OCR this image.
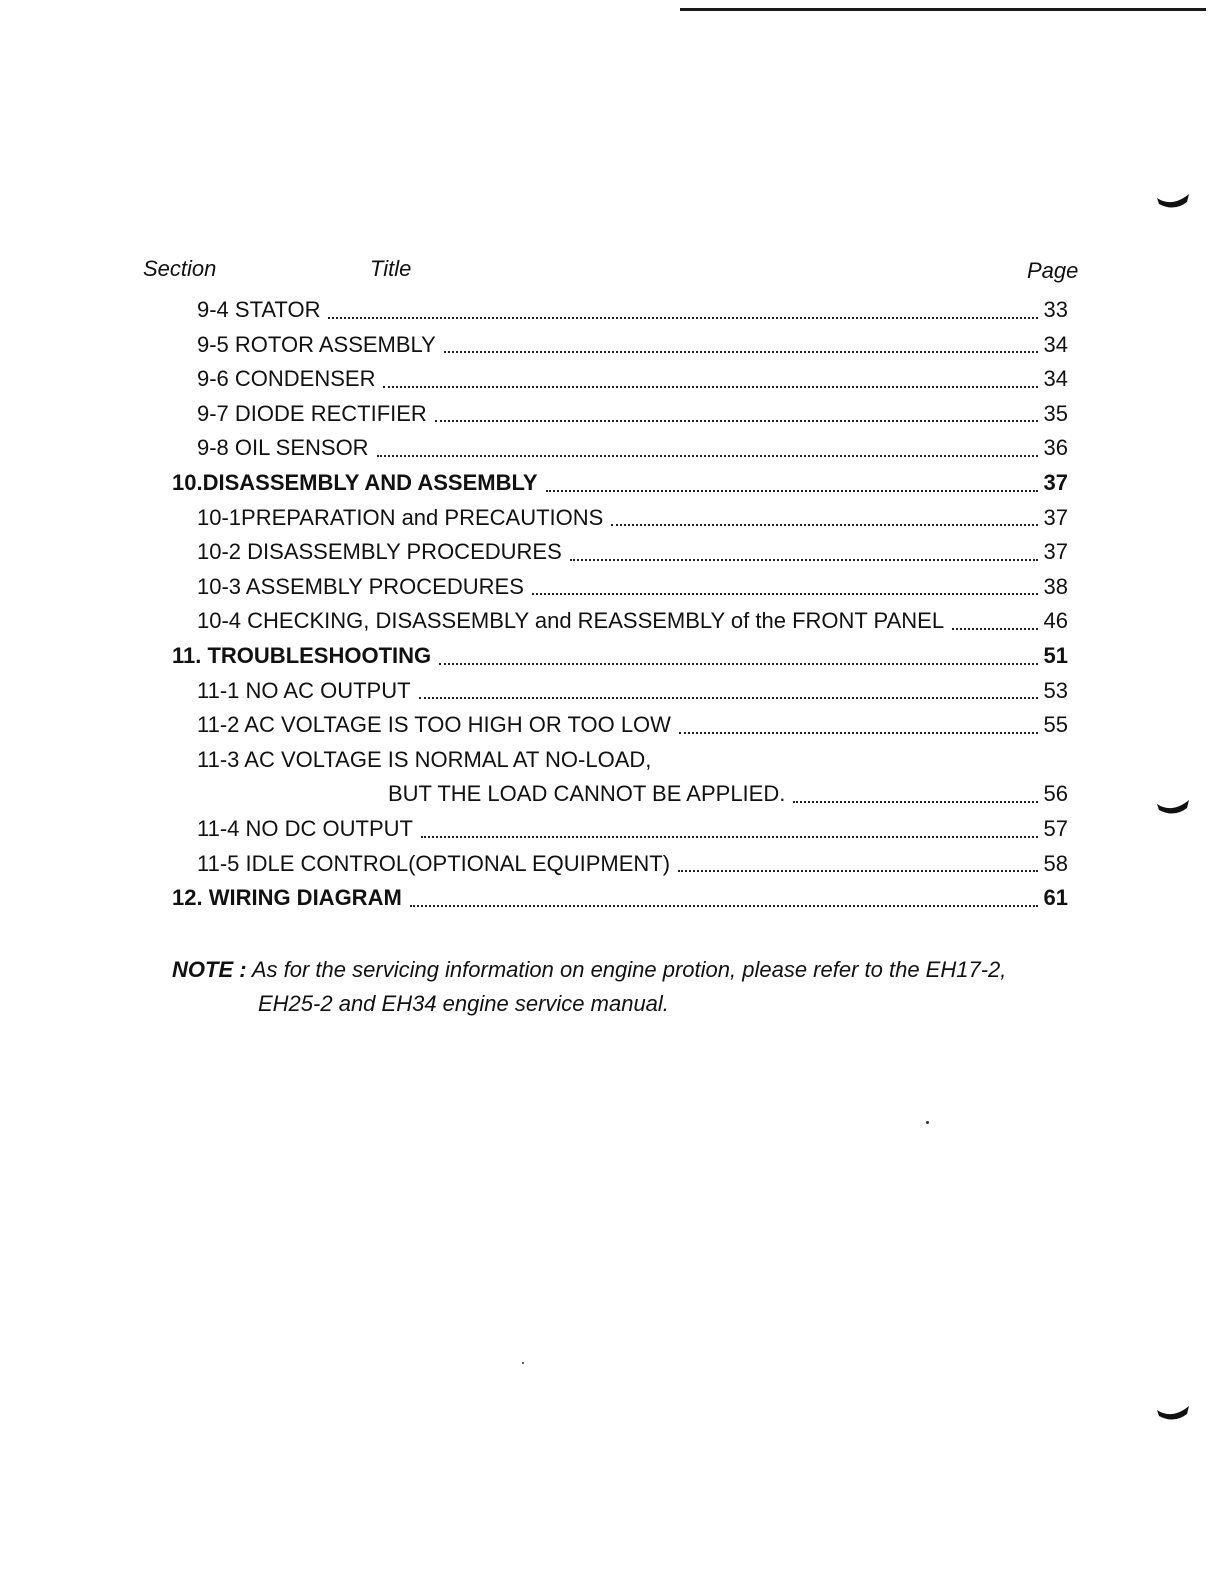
Section	Title	Page
9-4 STATOR	33
9-5 ROTOR ASSEMBLY	34
9-6 CONDENSER	34
9-7 DIODE RECTIFIER	35
9-8 OIL SENSOR	36
10.DISASSEMBLY AND ASSEMBLY	37
10-1PREPARATION and PRECAUTIONS	37
10-2 DISASSEMBLY PROCEDURES	37
10-3 ASSEMBLY PROCEDURES	38
10-4 CHECKING, DISASSEMBLY and REASSEMBLY of the FRONT PANEL	46
11. TROUBLESHOOTING	51
11-1 NO AC OUTPUT	53
11-2 AC VOLTAGE IS TOO HIGH OR TOO LOW	55
11-3 AC VOLTAGE IS NORMAL AT NO-LOAD,
BUT THE LOAD CANNOT BE APPLIED.	56
11-4 NO DC OUTPUT	57
11-5 IDLE CONTROL(OPTIONAL EQUIPMENT)	58
12. WIRING DIAGRAM	61
NOTE : As for the servicing information on engine protion, please refer to the EH17-2,
EH25-2 and EH34 engine service manual.
